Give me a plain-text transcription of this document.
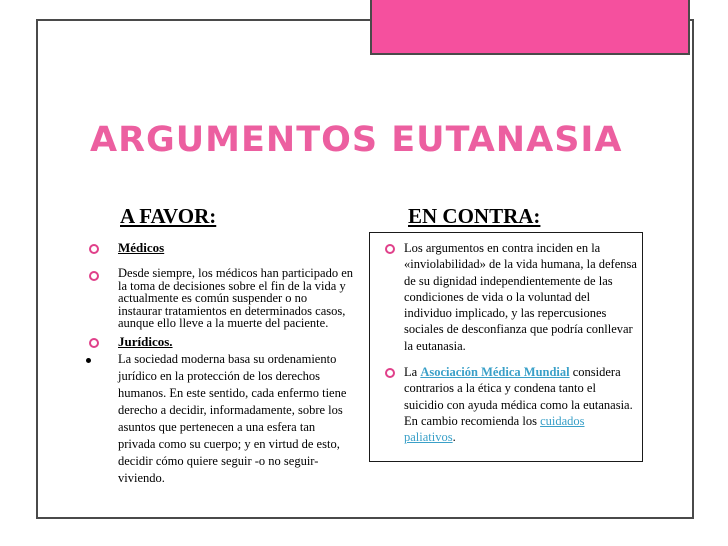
ARGUMENTOS EUTANASIA
A FAVOR:	EN CONTRA:
Médicos
Desde siempre, los médicos han participado en la toma de decisiones sobre el fin de la vida y actualmente es común suspender o no instaurar tratamientos en determinados casos, aunque ello lleve a la muerte del paciente.
Jurídicos.
La sociedad moderna basa su ordenamiento jurídico en la protección de los derechos humanos. En este sentido, cada enfermo tiene derecho a decidir, informadamente, sobre los asuntos que pertenecen a una esfera tan privada como su cuerpo; y en virtud de esto, decidir cómo quiere seguir -o no seguir- viviendo.
Los argumentos en contra inciden en la «inviolabilidad» de la vida humana, la defensa de su dignidad independientemente de las condiciones de vida o la voluntad del individuo implicado, y las repercusiones sociales de desconfianza que podría conllevar la eutanasia.
La Asociación Médica Mundial considera contrarios a la ética y condena tanto el suicidio con ayuda médica como la eutanasia. En cambio recomienda los cuidados paliativos.
